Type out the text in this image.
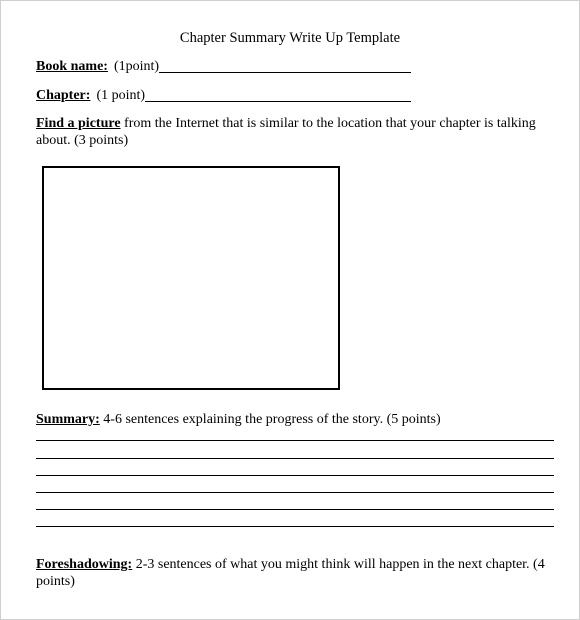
Chapter Summary Write Up Template
Book name: (1point)
Chapter: (1 point)
Find a picture from the Internet that is similar to the location that your chapter is talking about. (3 points)
Summary: 4-6 sentences explaining the progress of the story. (5 points)
Foreshadowing: 2-3 sentences of what you might think will happen in the next chapter. (4 points)
